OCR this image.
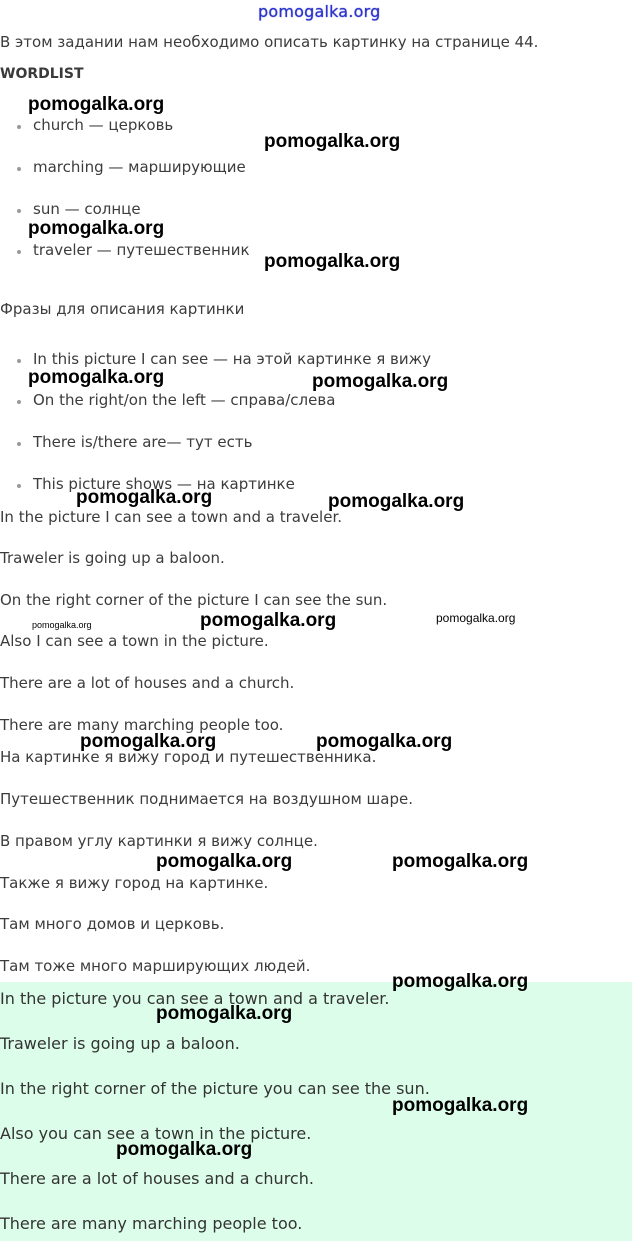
pomogalka.org
В этом задании нам необходимо описать картинку на странице 44.
WORDLIST
church — церковь
marching — марширующие
sun — солнце
traveler — путешественник
Фразы для описания картинки
In this picture I can see — на этой картинке я вижу
On the right/on the left — справа/слева
There is/there are— тут есть
This picture shows — на картинке
In the picture I can see a town and a traveler.
Traweler is going up a baloon.
On the right corner of the picture I can see the sun.
Also I can see a town in the picture.
There are a lot of houses and a church.
There are many marching people too.
На картинке я вижу город и путешественника.
Путешественник поднимается на воздушном шаре.
В правом углу картинки я вижу солнце.
Также я вижу город на картинке.
Там много домов и церковь.
Там тоже много марширующих людей.
In the picture you can see a town and a traveler.
Traweler is going up a baloon.
In the right corner of the picture you can see the sun.
Also you can see a town in the picture.
There are a lot of houses and a church.
There are many marching people too.
pomogalka.org
pomogalka.org
pomogalka.org
pomogalka.org
pomogalka.org	pomogalka.org
pomogalka.org	pomogalka.org
pomogalka.org	pomogalka.org	pomogalka.org
pomogalka.org	pomogalka.org
pomogalka.org	pomogalka.org
pomogalka.org
pomogalka.org
pomogalka.org
pomogalka.org
